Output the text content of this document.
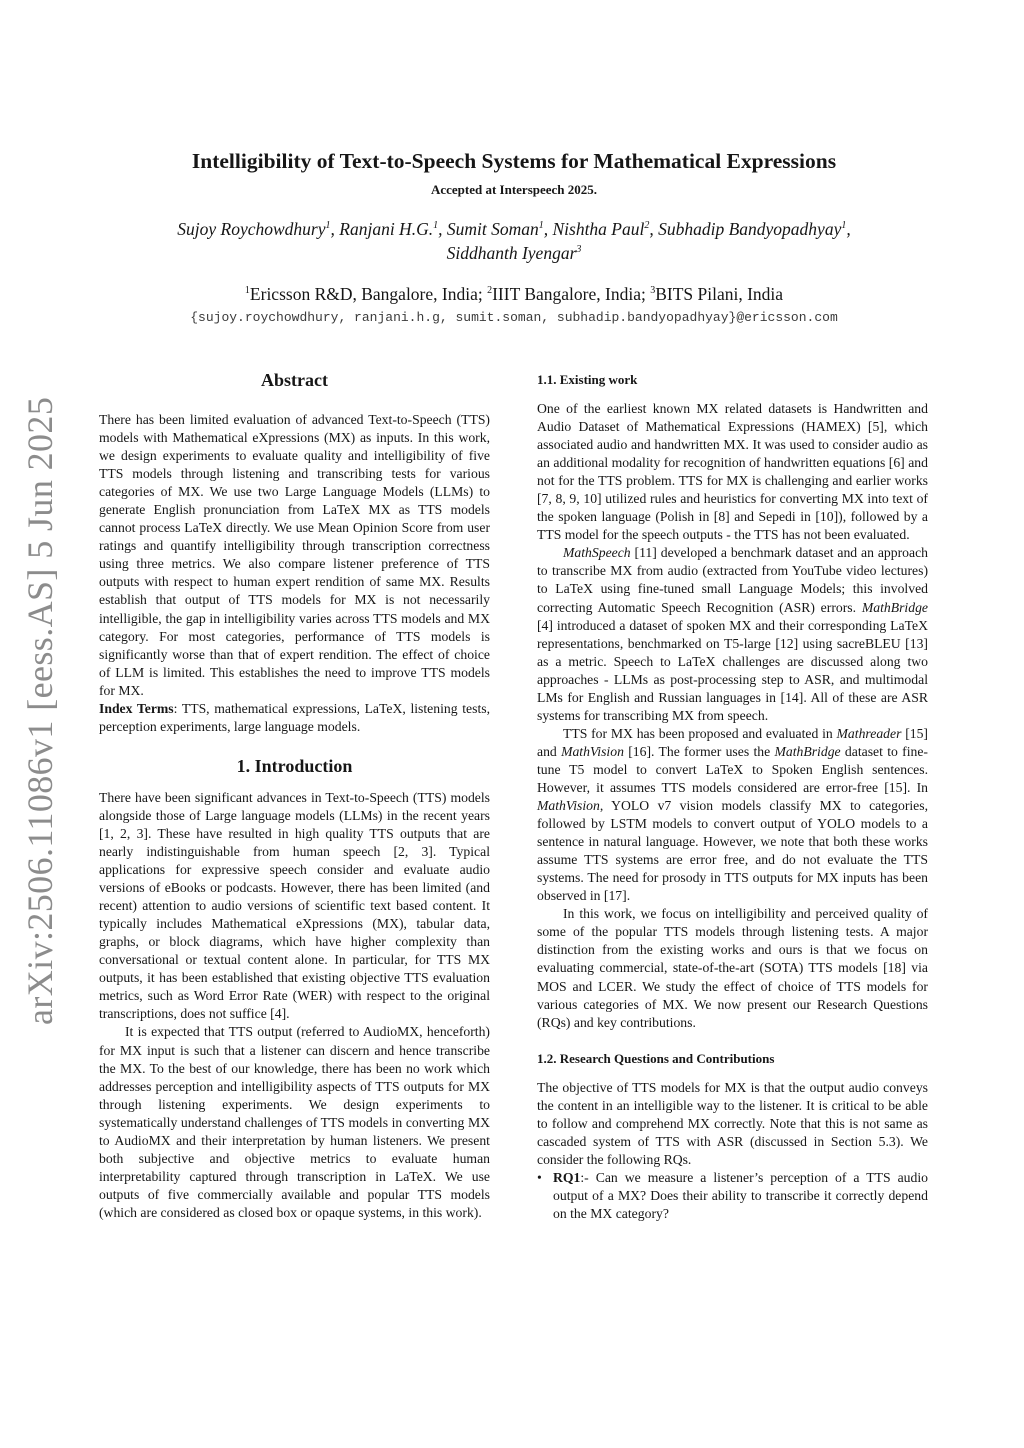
arXiv:2506.11086v1 [eess.AS] 5 Jun 2025
Intelligibility of Text-to-Speech Systems for Mathematical Expressions
Accepted at Interspeech 2025.
Sujoy Roychowdhury$^1$, Ranjani H.G.$^1$, Sumit Soman$^1$, Nishtha Paul$^2$, Subhadip Bandyopadhyay$^1$,
Siddhanth Iyengar$^3$
$^1$Ericsson R&D, Bangalore, India; $^2$IIIT Bangalore, India; $^3$BITS Pilani, India
{sujoy.roychowdhury, ranjani.h.g, sumit.soman, subhadip.bandyopadhyay}@ericsson.com
Abstract

There has been limited evaluation of advanced Text-to-Speech (TTS) models with Mathematical eXpressions (MX) as inputs. In this work, we design experiments to evaluate quality and intelligibility of five TTS models through listening and transcribing tests for various categories of MX. We use two Large Language Models (LLMs) to generate English pronunciation from LaTeX MX as TTS models cannot process LaTeX directly. We use Mean Opinion Score from user ratings and quantify intelligibility through transcription correctness using three metrics. We also compare listener preference of TTS outputs with respect to human expert rendition of same MX. Results establish that output of TTS models for MX is not necessarily intelligible, the gap in intelligibility varies across TTS models and MX category. For most categories, performance of TTS models is significantly worse than that of expert rendition. The effect of choice of LLM is limited. This establishes the need to improve TTS models for MX.

Index Terms: TTS, mathematical expressions, LaTeX, listening tests, perception experiments, large language models.

1. Introduction

There have been significant advances in Text-to-Speech (TTS) models alongside those of Large language models (LLMs) in the recent years [1, 2, 3]. These have resulted in high quality TTS outputs that are nearly indistinguishable from human speech [2, 3]. Typical applications for expressive speech consider and evaluate audio versions of eBooks or podcasts. However, there has been limited (and recent) attention to audio versions of scientific text based content. It typically includes Mathematical eXpressions (MX), tabular data, graphs, or block diagrams, which have higher complexity than conversational or textual content alone. In particular, for TTS MX outputs, it has been established that existing objective TTS evaluation metrics, such as Word Error Rate (WER) with respect to the original transcriptions, does not suffice [4].

It is expected that TTS output (referred to AudioMX, henceforth) for MX input is such that a listener can discern and hence transcribe the MX. To the best of our knowledge, there has been no work which addresses perception and intelligibility aspects of TTS outputs for MX through listening experiments. We design experiments to systematically understand challenges of TTS models in converting MX to AudioMX and their interpretation by human listeners. We present both subjective and objective metrics to evaluate human interpretability captured through transcription in LaTeX. We use outputs of five commercially available and popular TTS models (which are considered as closed box or opaque systems, in this work).

1.1. Existing work

One of the earliest known MX related datasets is Handwritten and Audio Dataset of Mathematical Expressions (HAMEX) [5], which associated audio and handwritten MX. It was used to consider audio as an additional modality for recognition of handwritten equations [6] and not for the TTS problem. TTS for MX is challenging and earlier works [7, 8, 9, 10] utilized rules and heuristics for converting MX into text of the spoken language (Polish in [8] and Sepedi in [10]), followed by a TTS model for the speech outputs - the TTS has not been evaluated.

MathSpeech [11] developed a benchmark dataset and an approach to transcribe MX from audio (extracted from YouTube video lectures) to LaTeX using fine-tuned small Language Models; this involved correcting Automatic Speech Recognition (ASR) errors. MathBridge [4] introduced a dataset of spoken MX and their corresponding LaTeX representations, benchmarked on T5-large [12] using sacreBLEU [13] as a metric. Speech to LaTeX challenges are discussed along two approaches - LLMs as post-processing step to ASR, and multimodal LMs for English and Russian languages in [14]. All of these are ASR systems for transcribing MX from speech.

TTS for MX has been proposed and evaluated in Mathreader [15] and MathVision [16]. The former uses the MathBridge dataset to fine-tune T5 model to convert LaTeX to Spoken English sentences. However, it assumes TTS models considered are error-free [15]. In MathVision, YOLO v7 vision models classify MX to categories, followed by LSTM models to convert output of YOLO models to a sentence in natural language. However, we note that both these works assume TTS systems are error free, and do not evaluate the TTS systems. The need for prosody in TTS outputs for MX inputs has been observed in [17].

In this work, we focus on intelligibility and perceived quality of some of the popular TTS models through listening tests. A major distinction from the existing works and ours is that we focus on evaluating commercial, state-of-the-art (SOTA) TTS models [18] via MOS and LCER. We study the effect of choice of TTS models for various categories of MX. We now present our Research Questions (RQs) and key contributions.

1.2. Research Questions and Contributions

The objective of TTS models for MX is that the output audio conveys the content in an intelligible way to the listener. It is critical to be able to follow and comprehend MX correctly. Note that this is not same as cascaded system of TTS with ASR (discussed in Section 5.3). We consider the following RQs.

• RQ1:- Can we measure a listener’s perception of a TTS audio output of a MX? Does their ability to transcribe it correctly depend on the MX category?
